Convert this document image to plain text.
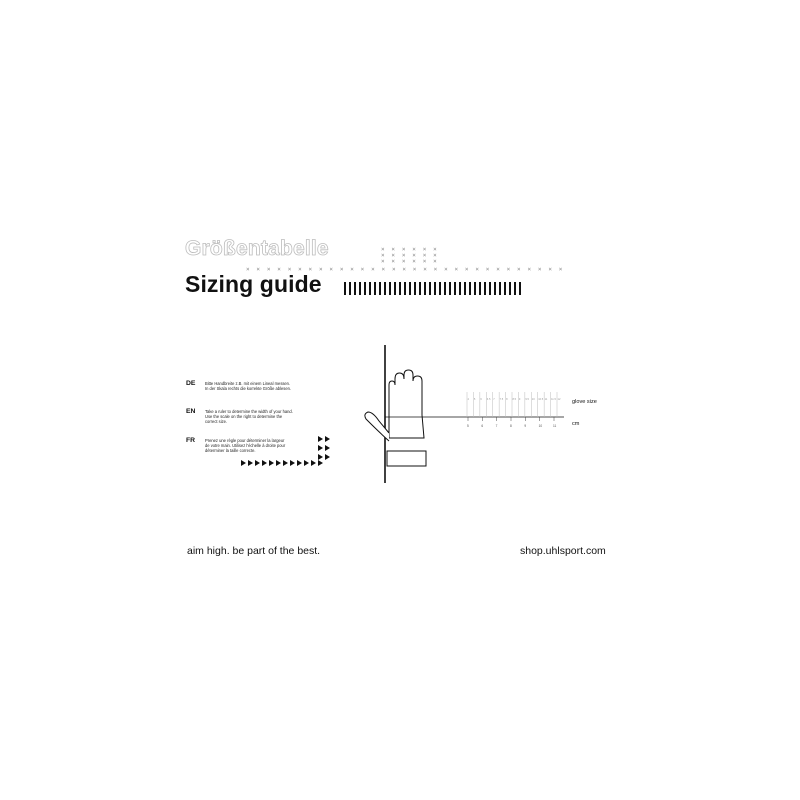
Größentabelle	× × × × × ×
× × × × × ×
× × × × × ×
× × × × × × × × × × × × × × × × × × × × × × × × × × × × × × ×
Sizing guide
DE Bitte Handbreite z.B. mit einem Lineal messen.
In der Skala rechts die korrekte Größe ablesen.
EN Take a ruler to determine the width of your hand.
Use the scale on the right to determine the
correct size.
FR Prenez une règle pour déterminer la largeur
de votre main. Utilisez l'échelle à droite pour
déterminer la taille correcte.
4 5 6 6.5 7 7.5 8 8.5 9 9.5 10 10.5 11 11.5 12
5	6	7	8	9	10	11
glove size
cm
aim high. be part of the best.	shop.uhlsport.com
